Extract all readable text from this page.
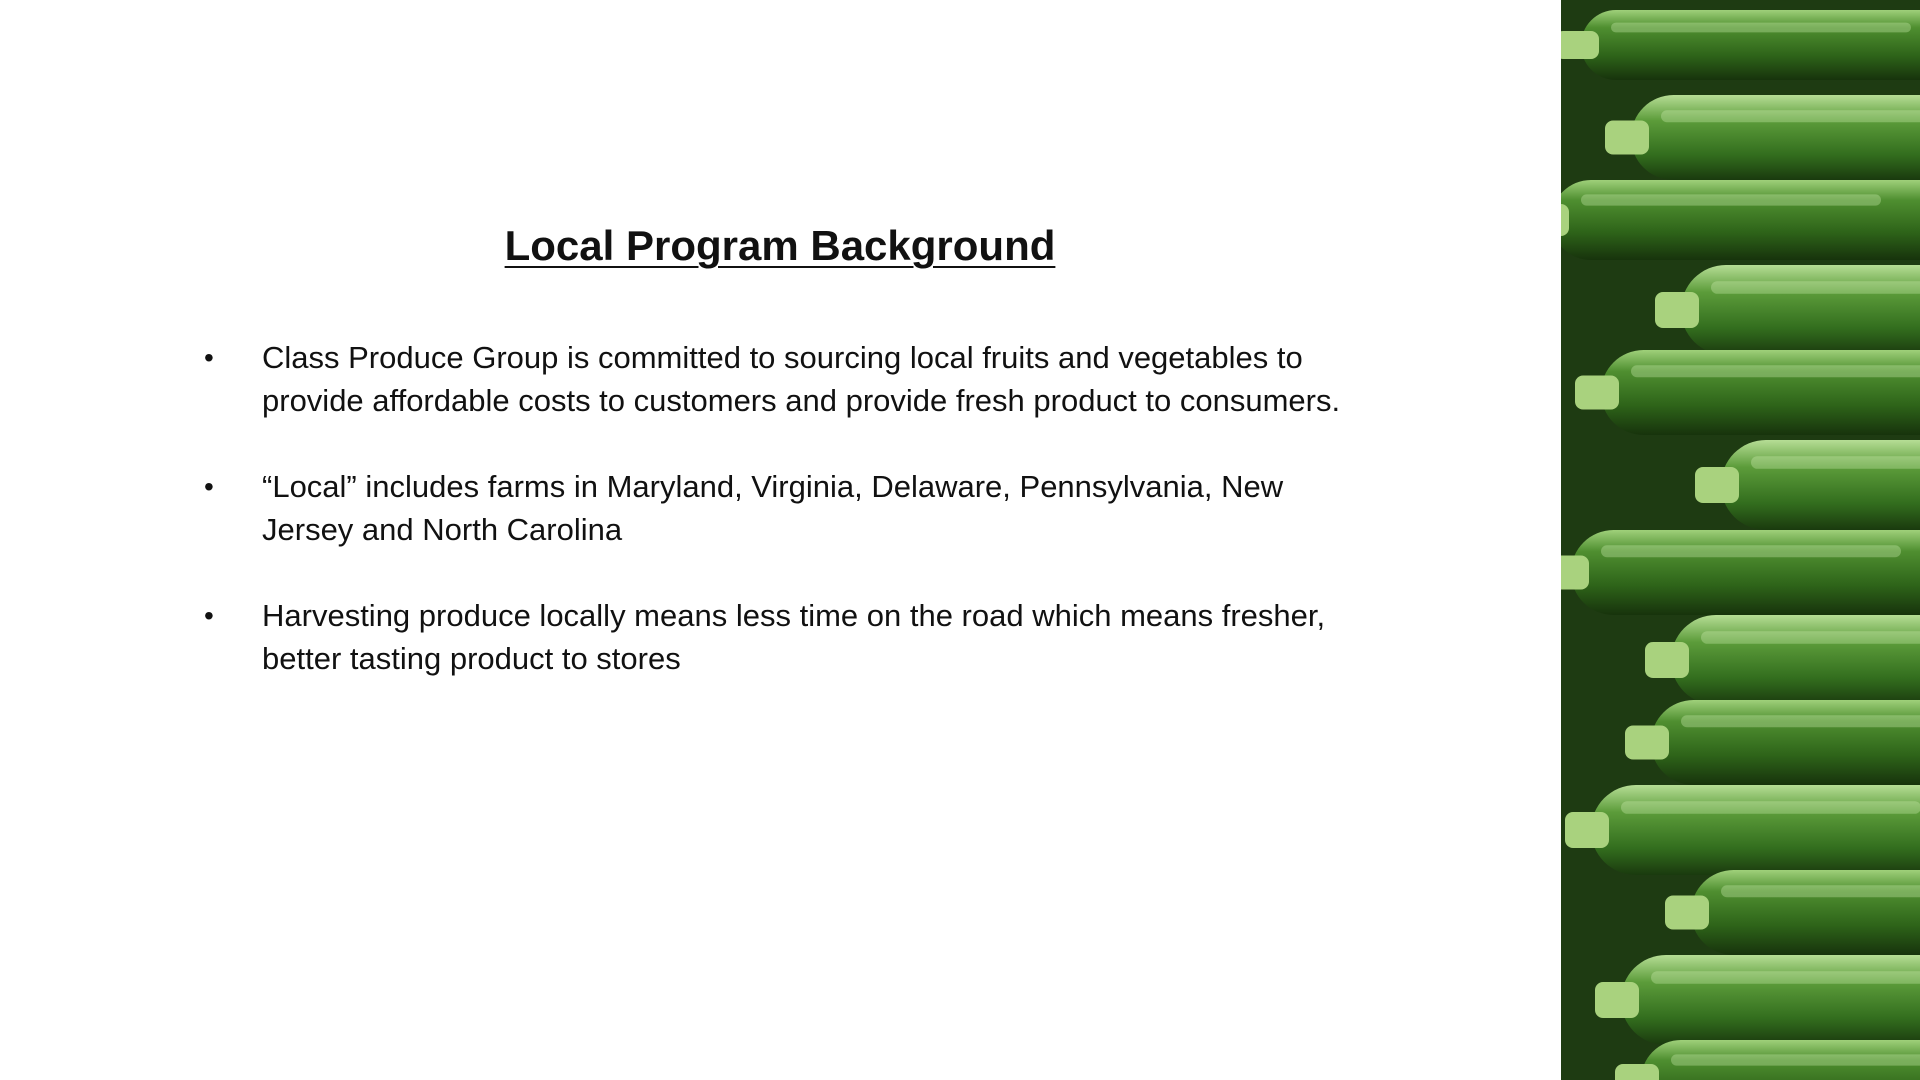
Local Program Background
• Class Produce Group is committed to sourcing local fruits and vegetables to provide affordable costs to customers and provide fresh product to consumers.
• “Local” includes farms in Maryland, Virginia, Delaware, Pennsylvania, New Jersey and North Carolina
• Harvesting produce locally means less time on the road which means fresher, better tasting product to stores
